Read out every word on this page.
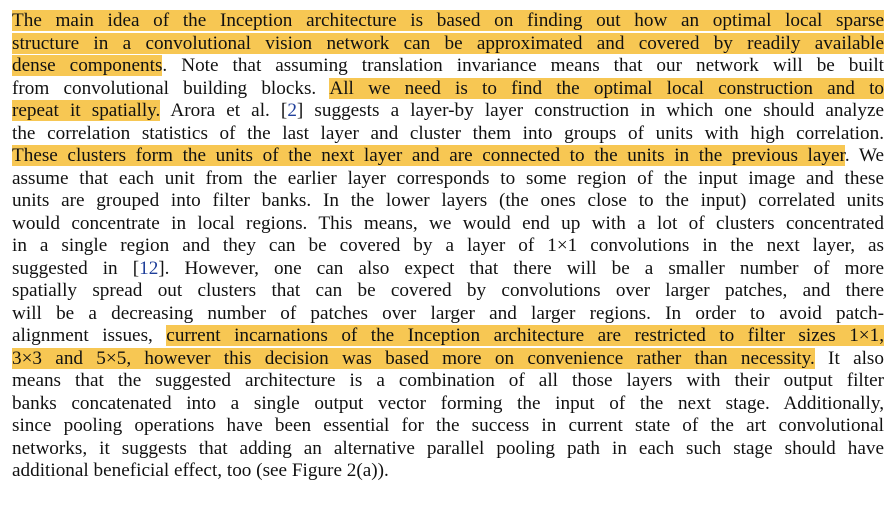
The main idea of the Inception architecture is based on finding out how an optimal local sparse
structure in a convolutional vision network can be approximated and covered by readily available
dense components. Note that assuming translation invariance means that our network will be built
from convolutional building blocks. All we need is to find the optimal local construction and to
repeat it spatially. Arora et al. [2] suggests a layer-by layer construction in which one should analyze
the correlation statistics of the last layer and cluster them into groups of units with high correlation.
These clusters form the units of the next layer and are connected to the units in the previous layer. We
assume that each unit from the earlier layer corresponds to some region of the input image and these
units are grouped into filter banks. In the lower layers (the ones close to the input) correlated units
would concentrate in local regions. This means, we would end up with a lot of clusters concentrated
in a single region and they can be covered by a layer of 1×1 convolutions in the next layer, as
suggested in [12]. However, one can also expect that there will be a smaller number of more
spatially spread out clusters that can be covered by convolutions over larger patches, and there
will be a decreasing number of patches over larger and larger regions. In order to avoid patch-
alignment issues, current incarnations of the Inception architecture are restricted to filter sizes 1×1,
3×3 and 5×5, however this decision was based more on convenience rather than necessity. It also
means that the suggested architecture is a combination of all those layers with their output filter
banks concatenated into a single output vector forming the input of the next stage. Additionally,
since pooling operations have been essential for the success in current state of the art convolutional
networks, it suggests that adding an alternative parallel pooling path in each such stage should have
additional beneficial effect, too (see Figure 2(a)).
